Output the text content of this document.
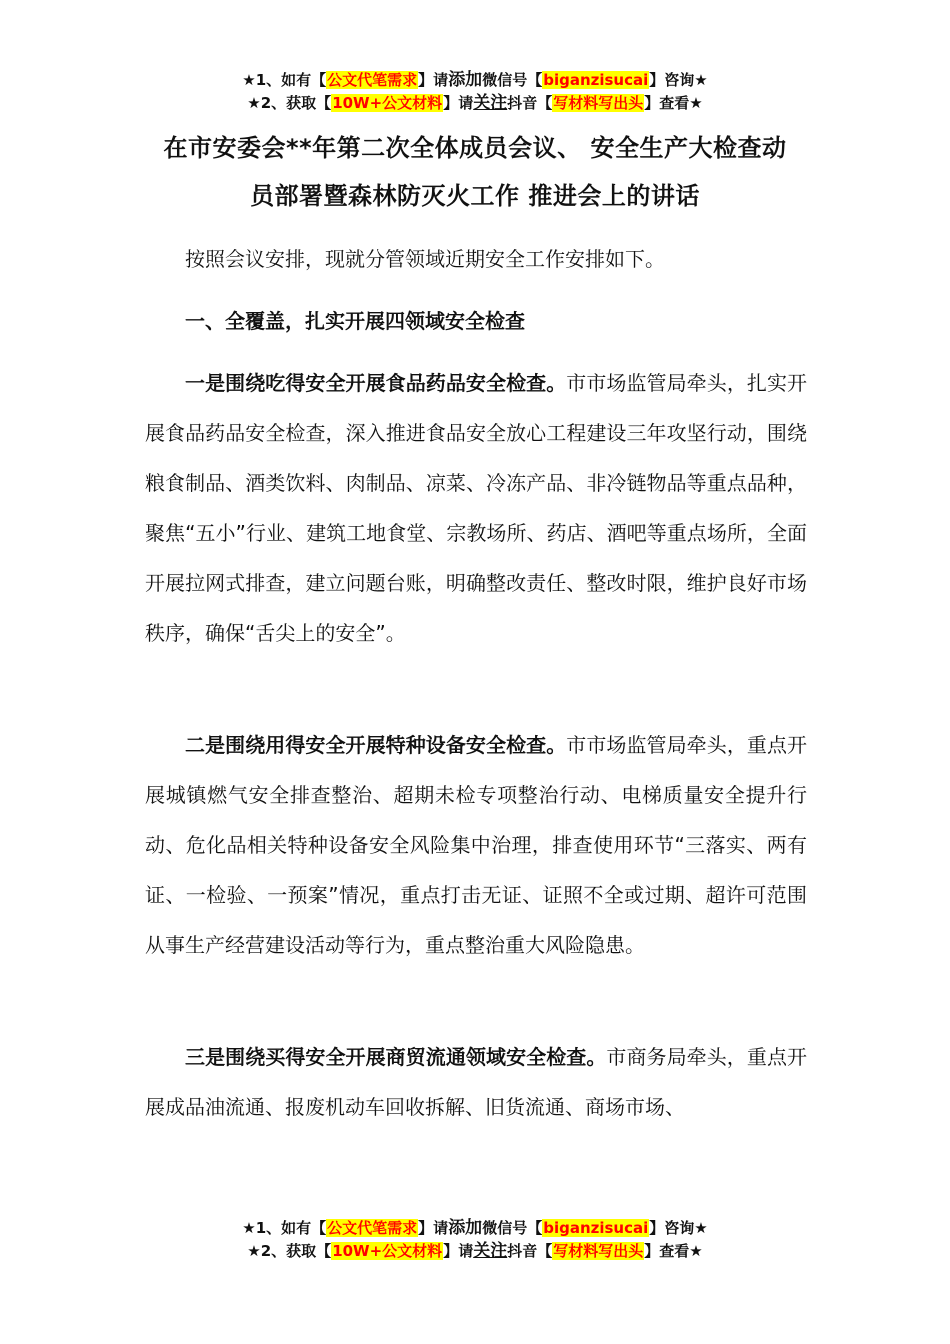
★1、如有【公文代笔需求】请添加微信号【biganzisucai】咨询★
★2、获取【10W+公文材料】请关注抖音【写材料写出头】查看★
在市安委会**年第二次全体成员会议、 安全生产大检查动
员部署暨森林防灭火工作 推进会上的讲话

按照会议安排，现就分管领域近期安全工作安排如下。

一、全覆盖，扎实开展四领域安全检查

一是围绕吃得安全开展食品药品安全检查。市市场监管局牵头，扎实开展食品药品安全检查，深入推进食品安全放心工程建设三年攻坚行动，围绕粮食制品、酒类饮料、肉制品、凉菜、冷冻产品、非冷链物品等重点品种，聚焦“五小”行业、建筑工地食堂、宗教场所、药店、酒吧等重点场所，全面开展拉网式排查，建立问题台账，明确整改责任、整改时限，维护良好市场秩序，确保“舌尖上的安全”。

二是围绕用得安全开展特种设备安全检查。市市场监管局牵头，重点开展城镇燃气安全排查整治、超期未检专项整治行动、电梯质量安全提升行动、危化品相关特种设备安全风险集中治理，排查使用环节“三落实、两有证、一检验、一预案”情况，重点打击无证、证照不全或过期、超许可范围从事生产经营建设活动等行为，重点整治重大风险隐患。

三是围绕买得安全开展商贸流通领域安全检查。市商务局牵头，重点开展成品油流通、报废机动车回收拆解、旧货流通、商场市场、

★1、如有【公文代笔需求】请添加微信号【biganzisucai】咨询★
★2、获取【10W+公文材料】请关注抖音【写材料写出头】查看★
